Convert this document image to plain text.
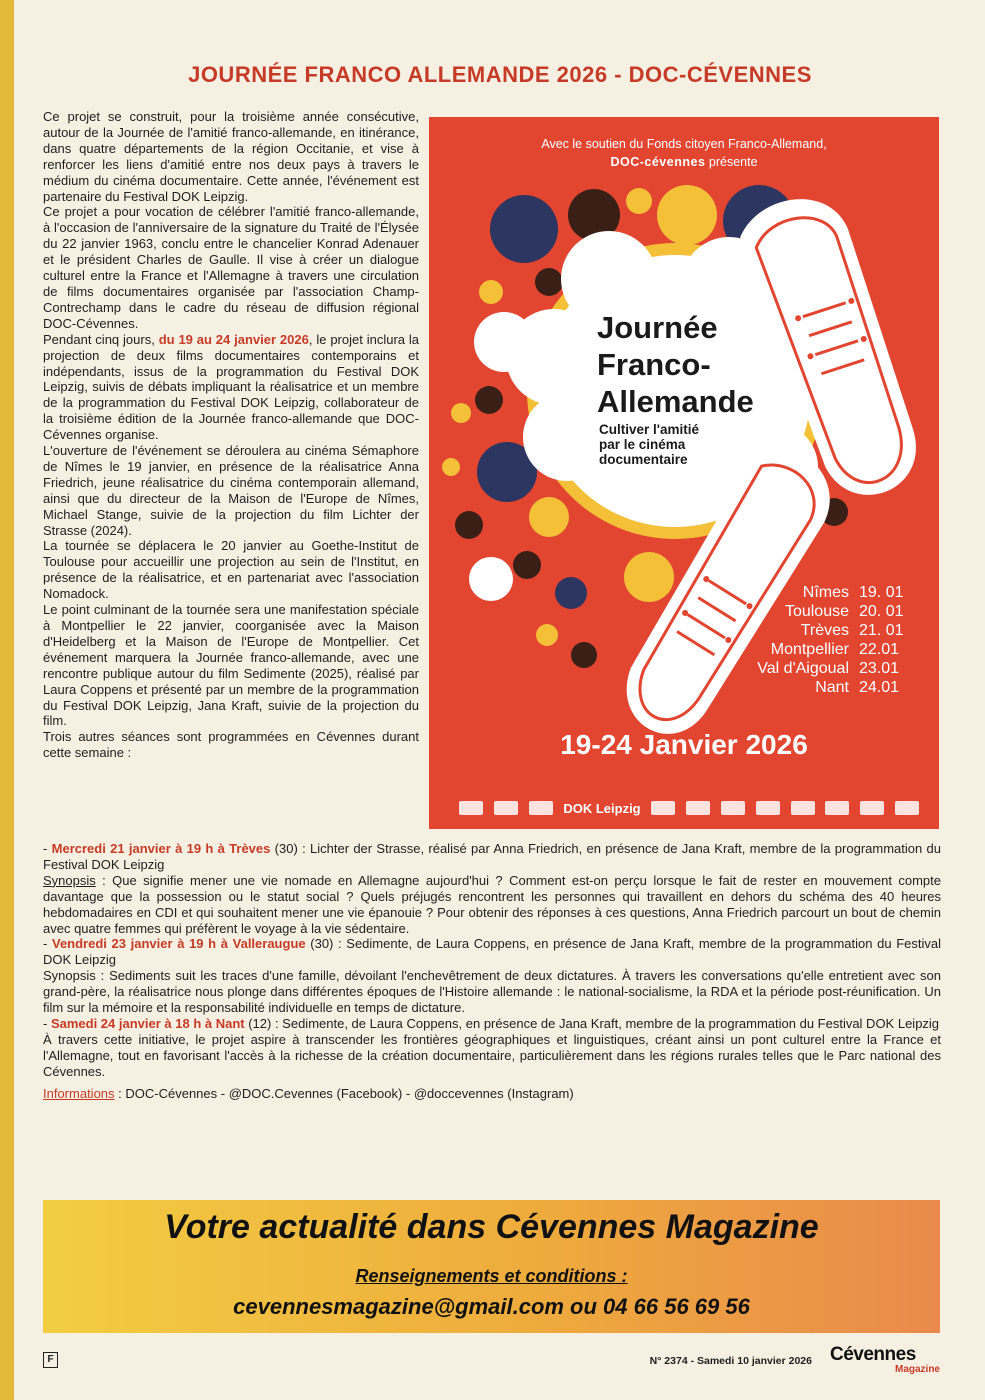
JOURNÉE FRANCO ALLEMANDE 2026 - DOC-CÉVENNES

Ce projet se construit, pour la troisième année consécutive, autour de la Journée de l'amitié franco-allemande, en itinérance, dans quatre départements de la région Occitanie, et vise à renforcer les liens d'amitié entre nos deux pays à travers le médium du cinéma documentaire. Cette année, l'événement est partenaire du Festival DOK Leipzig.

Ce projet a pour vocation de célébrer l'amitié franco-allemande, à l'occasion de l'anniversaire de la signature du Traité de l'Élysée du 22 janvier 1963, conclu entre le chancelier Konrad Adenauer et le président Charles de Gaulle. Il vise à créer un dialogue culturel entre la France et l'Allemagne à travers une circulation de films documentaires organisée par l'association Champ-Contrechamp dans le cadre du réseau de diffusion régional DOC-Cévennes.

Pendant cinq jours, du 19 au 24 janvier 2026, le projet inclura la projection de deux films documentaires contemporains et indépendants, issus de la programmation du Festival DOK Leipzig, suivis de débats impliquant la réalisatrice et un membre de la programmation du Festival DOK Leipzig, collaborateur de la troisième édition de la Journée franco-allemande que DOC-Cévennes organise.

L'ouverture de l'événement se déroulera au cinéma Sémaphore de Nîmes le 19 janvier, en présence de la réalisatrice Anna Friedrich, jeune réalisatrice du cinéma contemporain allemand, ainsi que du directeur de la Maison de l'Europe de Nîmes, Michael Stange, suivie de la projection du film Lichter der Strasse (2024).

La tournée se déplacera le 20 janvier au Goethe-Institut de Toulouse pour accueillir une projection au sein de l'Institut, en présence de la réalisatrice, et en partenariat avec l'association Nomadock.

Le point culminant de la tournée sera une manifestation spéciale à Montpellier le 22 janvier, coorganisée avec la Maison d'Heidelberg et la Maison de l'Europe de Montpellier. Cet événement marquera la Journée franco-allemande, avec une rencontre publique autour du film Sedimente (2025), réalisé par Laura Coppens et présenté par un membre de la programmation du Festival DOK Leipzig, Jana Kraft, suivie de la projection du film.

Trois autres séances sont programmées en Cévennes durant cette semaine :

Avec le soutien du Fonds citoyen Franco-Allemand,
DOC-cévennes présente
Journée
Franco-
Allemande
Cultiver l'amitié
par le cinéma
documentaire
Nîmes 19. 01
Toulouse 20. 01
Trèves 21. 01
Montpellier 22.01
Val d'Aigoual 23.01
Nant 24.01
19-24 Janvier 2026
DOK Leipzig

- Mercredi 21 janvier à 19 h à Trèves (30) : Lichter der Strasse, réalisé par Anna Friedrich, en présence de Jana Kraft, membre de la programmation du Festival DOK Leipzig

Synopsis : Que signifie mener une vie nomade en Allemagne aujourd'hui ? Comment est-on perçu lorsque le fait de rester en mouvement compte davantage que la possession ou le statut social ? Quels préjugés rencontrent les personnes qui travaillent en dehors du schéma des 40 heures hebdomadaires en CDI et qui souhaitent mener une vie épanouie ? Pour obtenir des réponses à ces questions, Anna Friedrich parcourt un bout de chemin avec quatre femmes qui préfèrent le voyage à la vie sédentaire.

- Vendredi 23 janvier à 19 h à Valleraugue (30) : Sedimente, de Laura Coppens, en présence de Jana Kraft, membre de la programmation du Festival DOK Leipzig

Synopsis : Sediments suit les traces d'une famille, dévoilant l'enchevêtrement de deux dictatures. À travers les conversations qu'elle entretient avec son grand-père, la réalisatrice nous plonge dans différentes époques de l'Histoire allemande : le national-socialisme, la RDA et la période post-réunification. Un film sur la mémoire et la responsabilité individuelle en temps de dictature.

- Samedi 24 janvier à 18 h à Nant (12) : Sedimente, de Laura Coppens, en présence de Jana Kraft, membre de la programmation du Festival DOK Leipzig

À travers cette initiative, le projet aspire à transcender les frontières géographiques et linguistiques, créant ainsi un pont culturel entre la France et l'Allemagne, tout en favorisant l'accès à la richesse de la création documentaire, particulièrement dans les régions rurales telles que le Parc national des Cévennes.

Informations : DOC-Cévennes - @DOC.Cevennes (Facebook) - @doccevennes (Instagram)

Votre actualité dans Cévennes Magazine
Renseignements et conditions :
cevennesmagazine@gmail.com ou 04 66 56 69 56
F	N° 2374 - Samedi 10 janvier 2026 Cévennes
Magazine
